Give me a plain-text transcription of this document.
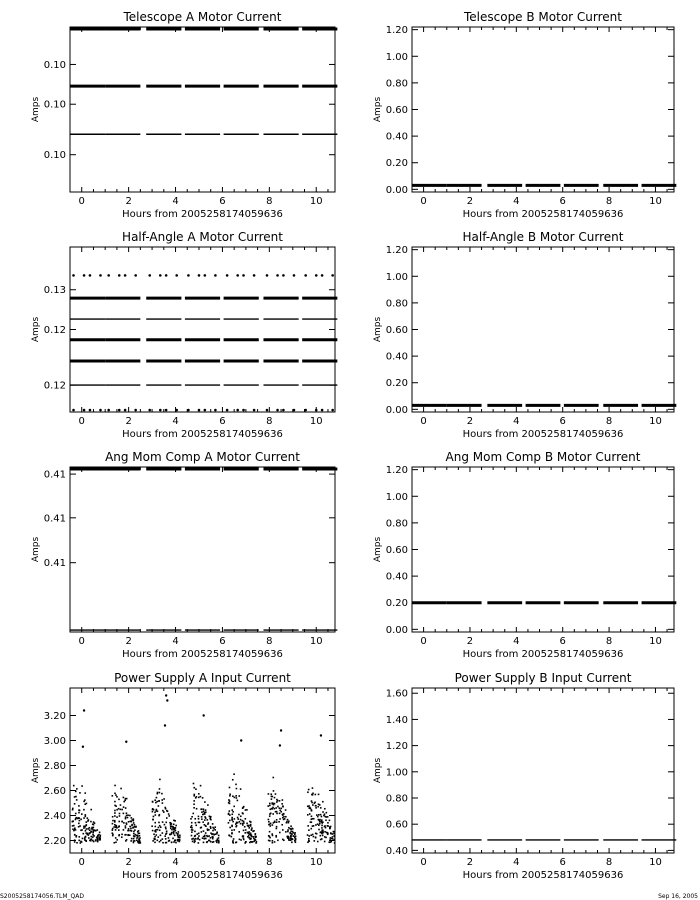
Telescope A Motor Current
0	2	4	6	8	10
0.10
0.10
0.10
Hours from 2005258174059636
Amps
Telescope B Motor Current
0	2	4	6	8	10
0.00
0.20
0.40
0.60
0.80
1.00
1.20
Hours from 2005258174059636
Amps
Half-Angle A Motor Current
0	2	4	6	8	10
0.13
0.12
0.12
Hours from 2005258174059636
Amps
Half-Angle B Motor Current
0	2	4	6	8	10
0.00
0.20
0.40
0.60
0.80
1.00
1.20
Hours from 2005258174059636
Amps
Ang Mom Comp A Motor Current
0	2	4	6	8	10
0.41
0.41
0.41
Hours from 2005258174059636
Amps
Ang Mom Comp B Motor Current
0	2	4	6	8	10
0.00
0.20
0.40
0.60
0.80
1.00
1.20
Hours from 2005258174059636
Amps
Power Supply A Input Current
0	2	4	6	8	10
2.20
2.40
2.60
2.80
3.00
3.20
Hours from 2005258174059636
Amps
Power Supply B Input Current
0	2	4	6	8	10
0.40
0.60
0.80
1.00
1.20
1.40
1.60
Hours from 2005258174059636
Amps
S2005258174056.TLM_QAD	Sep 16, 2005
